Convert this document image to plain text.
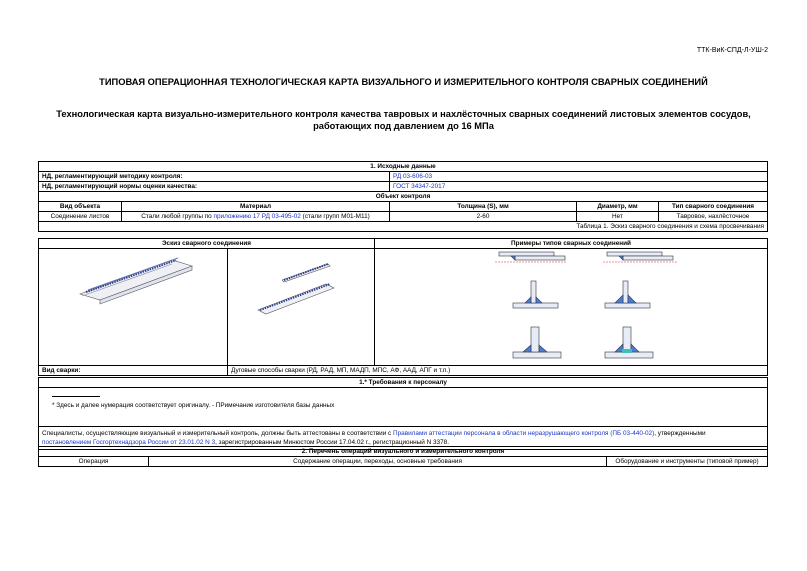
ТТК-ВиК-СПД-Л-УШ-2
ТИПОВАЯ ОПЕРАЦИОННАЯ ТЕХНОЛОГИЧЕСКАЯ КАРТА ВИЗУАЛЬНОГО И ИЗМЕРИТЕЛЬНОГО КОНТРОЛЯ СВАРНЫХ СОЕДИНЕНИЙ
Технологическая карта визуально-измерительного контроля качества тавровых и нахлёсточных сварных соединений листовых элементов сосудов, работающих под давлением до 16 МПа
1. Исходные данные				
НД, регламентирующий методику контроля:		РД 03-606-03		
НД, регламентирующий нормы оценки качества:		ГОСТ 34347-2017		
Объект контроля				
Вид объекта	Материал	Толщина (S), мм	Диаметр, мм	Тип сварного соединения
Соединение листов	Стали любой группы по приложению 17 РД 03-495-02 (стали групп М01-М11)	2-60	Нет	Тавровое, нахлёсточное
Таблица 1. Эскиз сварного соединения и схема просвечивания				
Эскиз сварного соединения		Примеры типов сварных соединений

Вид сварки:	Дуговые способы сварки (РД, РАД, МП, МАДП, МПС, АФ, ААД, АПГ и т.п.)	
1.* Требования к персоналу

* Здесь и далее нумерация соответствует оригиналу. - ПРимечание изготовителя базы данных

Специалисты, осуществляющие визуальный и измерительный контроль, должны быть аттестованы в соответствии с Правилами аттестации персонала в области неразрушающего контроля (ПБ 03-440-02), утвержденными
постановлением Госгортехнадзора России от 23.01.02 N 3, зарегистрированным Минюстом России 17.04.02 г., регистрационный N 3378.
2. Перечень операций визуального и измерительного контроля
Операция	Содержание операции, переходы, основные требования	Оборудование и инструменты (типовой пример)
